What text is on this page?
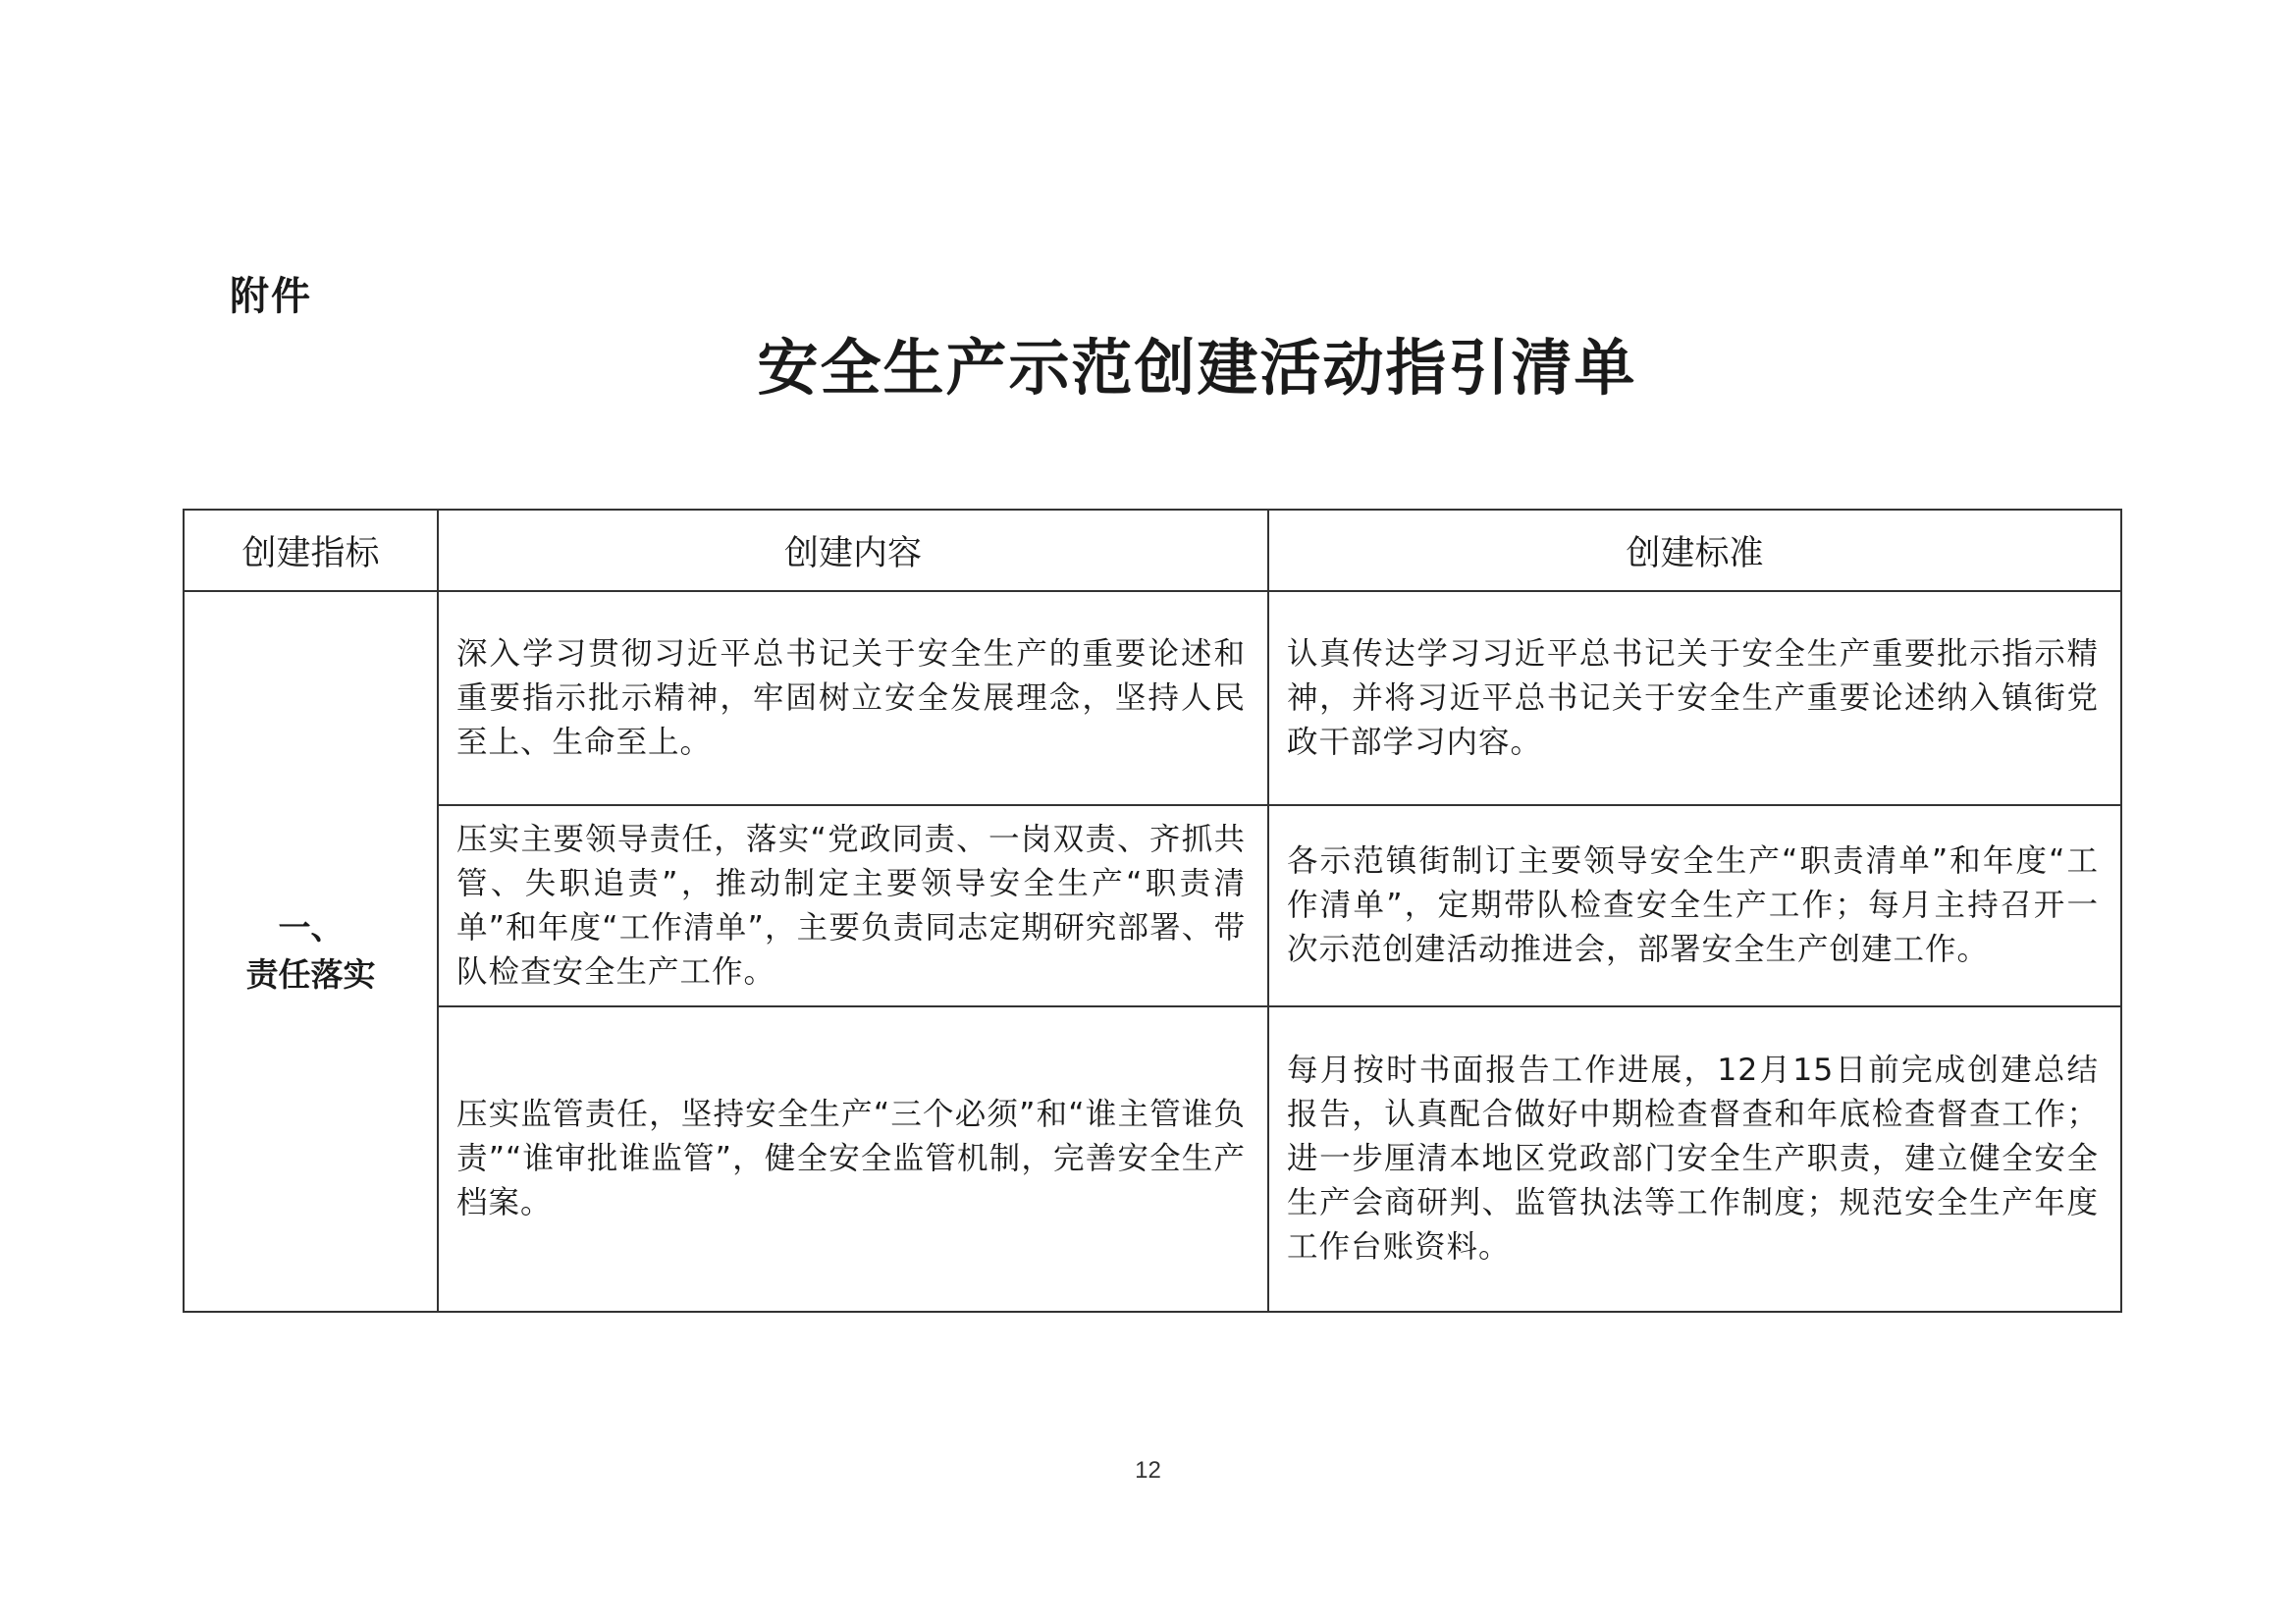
附件
安全生产示范创建活动指引清单
创建指标	创建内容	创建标准

一、
责任落实	深入学习贯彻习近平总书记关于安全生产的重要论述和重要指示批示精神，牢固树立安全发展理念，坚持人民至上、生命至上。	认真传达学习习近平总书记关于安全生产重要批示指示精神，并将习近平总书记关于安全生产重要论述纳入镇街党政干部学习内容。
	压实主要领导责任，落实“党政同责、一岗双责、齐抓共管、失职追责”，推动制定主要领导安全生产“职责清单”和年度“工作清单”，主要负责同志定期研究部署、带队检查安全生产工作。	各示范镇街制订主要领导安全生产“职责清单”和年度“工作清单”，定期带队检查安全生产工作；每月主持召开一次示范创建活动推进会，部署安全生产创建工作。
	压实监管责任，坚持安全生产“三个必须”和“谁主管谁负责”“谁审批谁监管”，健全安全监管机制，完善安全生产档案。	每月按时书面报告工作进展，12月15日前完成创建总结报告，认真配合做好中期检查督查和年底检查督查工作；进一步厘清本地区党政部门安全生产职责，建立健全安全生产会商研判、监管执法等工作制度；规范安全生产年度工作台账资料。
12
